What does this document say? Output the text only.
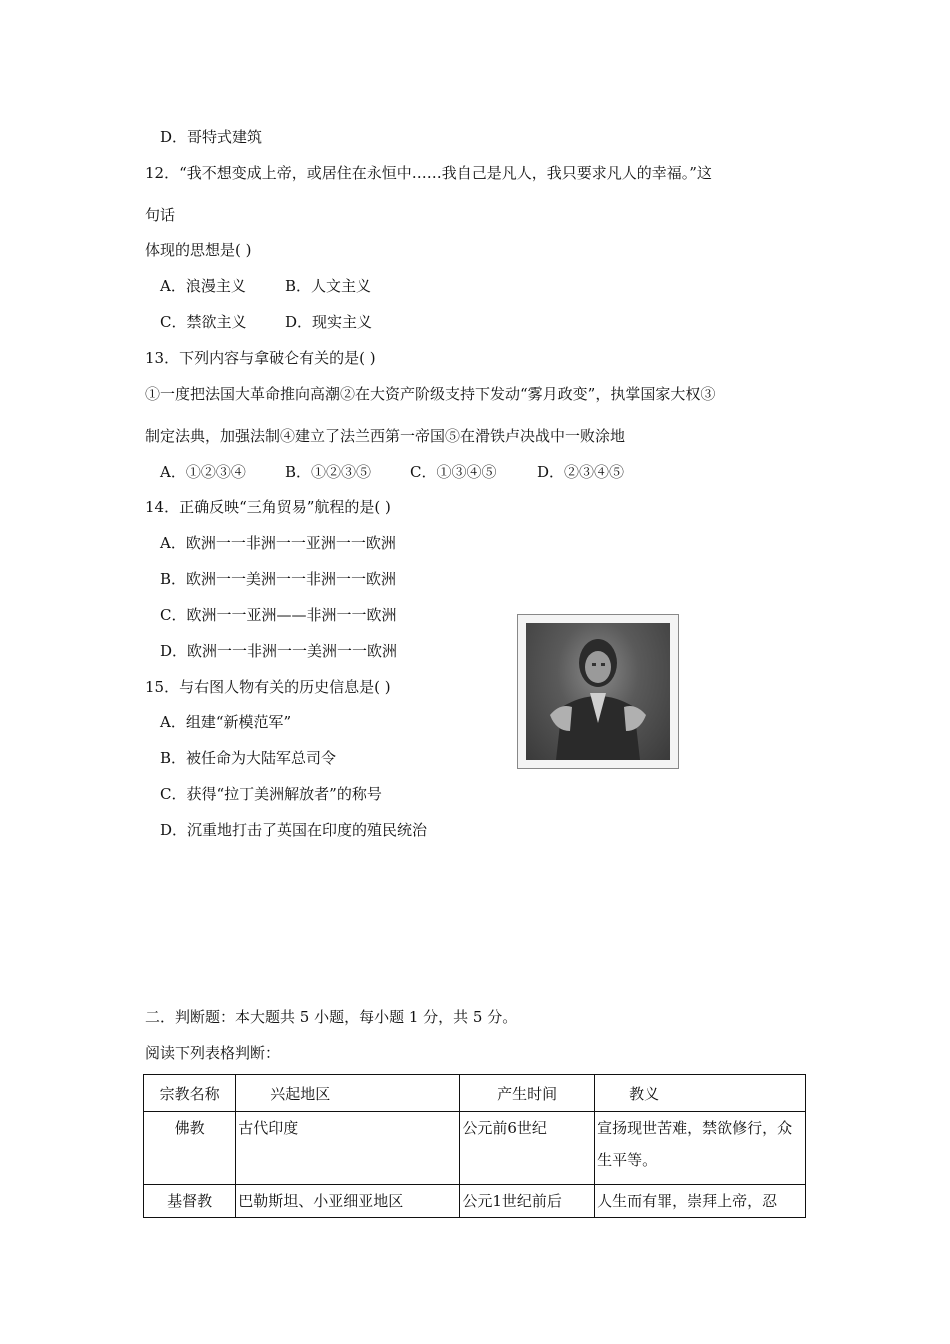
D．哥特式建筑
12．“我不想变成上帝，或居住在永恒中……我自己是凡人，我只要求凡人的幸福。”这
句话
体现的思想是( )
A．浪漫主义	B．人文主义
C．禁欲主义	D．现实主义
13．下列内容与拿破仑有关的是( )
①一度把法国大革命推向高潮②在大资产阶级支持下发动“雾月政变”，执掌国家大权③
制定法典，加强法制④建立了法兰西第一帝国⑤在滑铁卢决战中一败涂地
A．①②③④	B．①②③⑤	C．①③④⑤	D．②③④⑤
14．正确反映“三角贸易”航程的是( )
A．欧洲一一非洲一一亚洲一一欧洲
B．欧洲一一美洲一一非洲一一欧洲
C．欧洲一一亚洲——非洲一一欧洲
D．欧洲一一非洲一一美洲一一欧洲
15．与右图人物有关的历史信息是( )
A．组建“新模范军”
B．被任命为大陆军总司令
C．获得“拉丁美洲解放者”的称号
D．沉重地打击了英国在印度的殖民统治
二．判断题：本大题共 5 小题，每小题 1 分，共 5 分。
阅读下列表格判断：
宗教名称	兴起地区	产生时间	教义
佛教	古代印度	公元前6世纪	宣扬现世苦难，禁欲修行，众生平等。
基督教	巴勒斯坦、小亚细亚地区	公元1世纪前后	人生而有罪，崇拜上帝，忍
